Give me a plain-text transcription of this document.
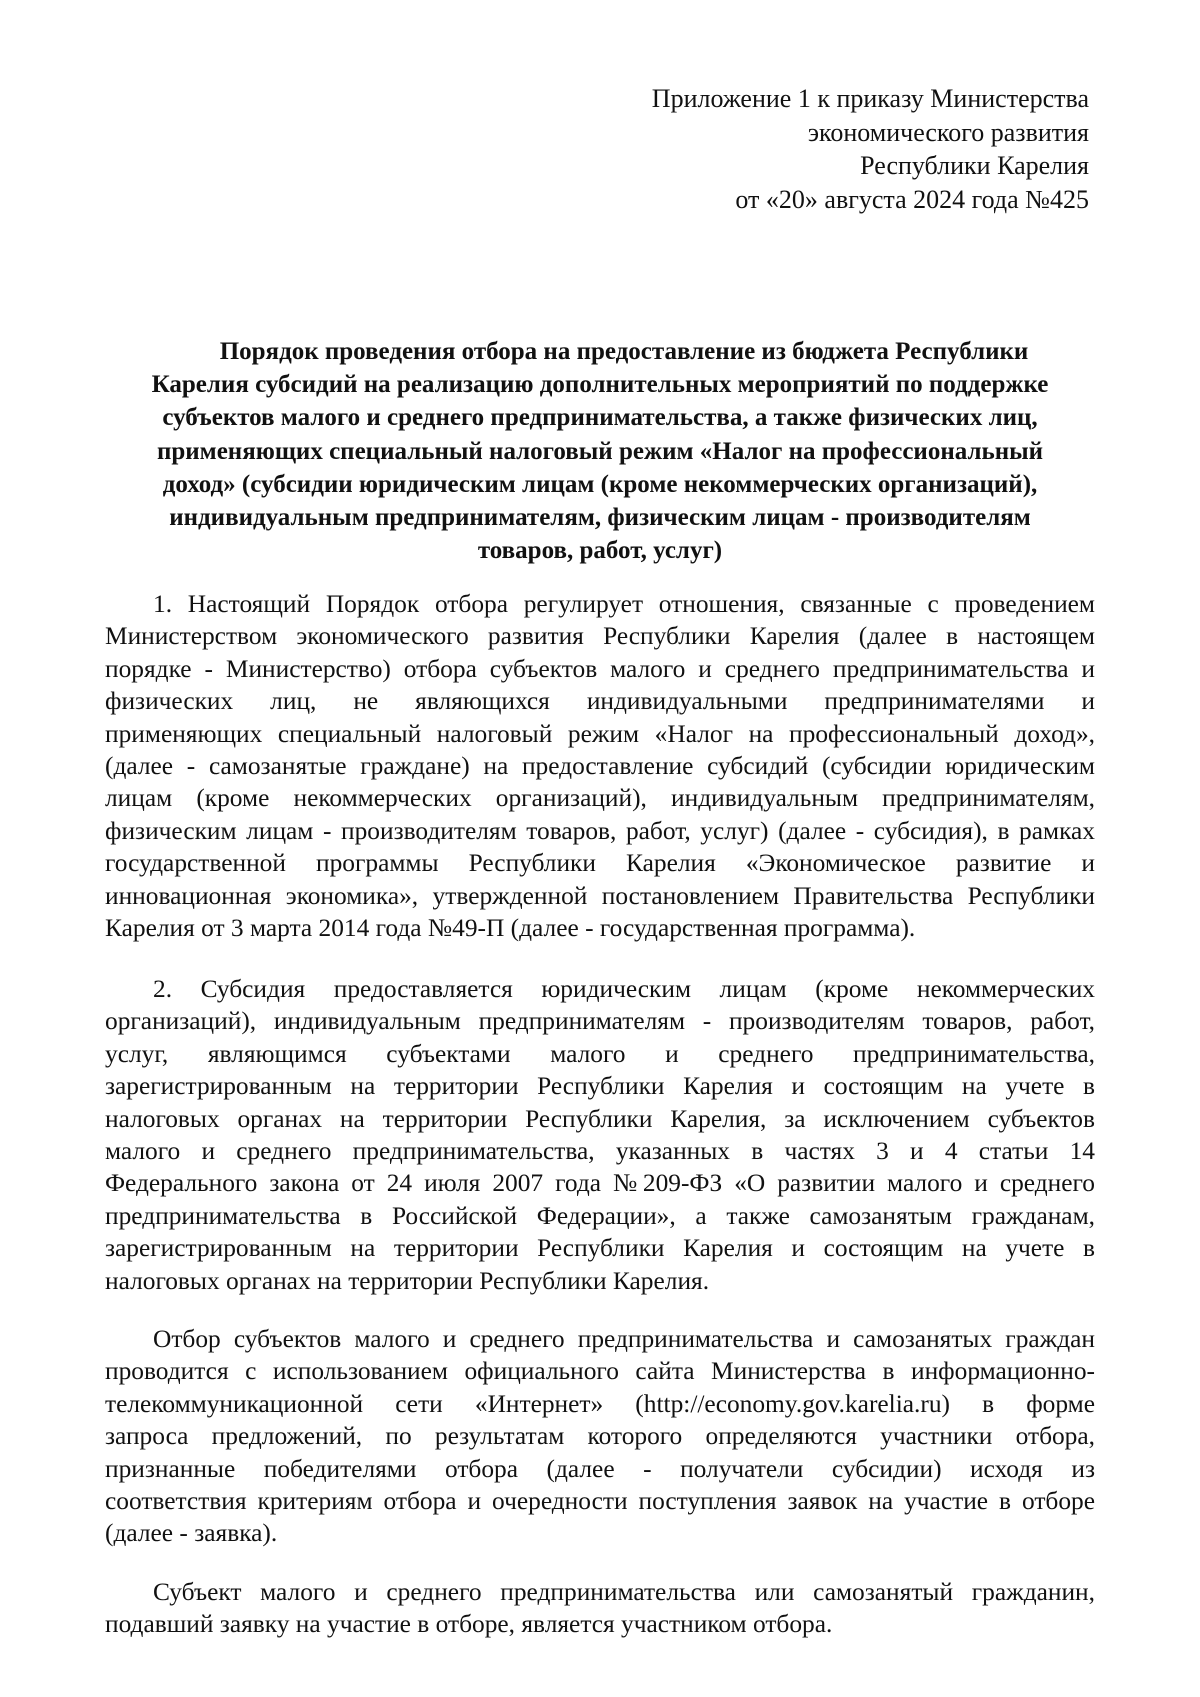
Приложение 1 к приказу Министерства
экономического развития
Республики Карелия
от «20» августа 2024 года №425
Порядок проведения отбора на предоставление из бюджета Республики
Карелия субсидий на реализацию дополнительных мероприятий по поддержке
субъектов малого и среднего предпринимательства, а также физических лиц,
применяющих специальный налоговый режим «Налог на профессиональный
доход» (субсидии юридическим лицам (кроме некоммерческих организаций),
индивидуальным предпринимателям, физическим лицам - производителям
товаров, работ, услуг)
1. Настоящий Порядок отбора регулирует отношения, связанные с проведением
Министерством экономического развития Республики Карелия (далее в настоящем
порядке - Министерство) отбора субъектов малого и среднего предпринимательства и
физических лиц, не являющихся индивидуальными предпринимателями и
применяющих специальный налоговый режим «Налог на профессиональный доход»,
(далее - самозанятые граждане) на предоставление субсидий (субсидии юридическим
лицам (кроме некоммерческих организаций), индивидуальным предпринимателям,
физическим лицам - производителям товаров, работ, услуг) (далее - субсидия), в рамках
государственной программы Республики Карелия «Экономическое развитие и
инновационная экономика», утвержденной постановлением Правительства Республики
Карелия от 3 марта 2014 года №49-П (далее - государственная программа).
2. Субсидия предоставляется юридическим лицам (кроме некоммерческих
организаций), индивидуальным предпринимателям - производителям товаров, работ,
услуг, являющимся субъектами малого и среднего предпринимательства,
зарегистрированным на территории Республики Карелия и состоящим на учете в
налоговых органах на территории Республики Карелия, за исключением субъектов
малого и среднего предпринимательства, указанных в частях 3 и 4 статьи 14
Федерального закона от 24 июля 2007 года №209-ФЗ «О развитии малого и среднего
предпринимательства в Российской Федерации», а также самозанятым гражданам,
зарегистрированным на территории Республики Карелия и состоящим на учете в
налоговых органах на территории Республики Карелия.
Отбор субъектов малого и среднего предпринимательства и самозанятых граждан
проводится с использованием официального сайта Министерства в информационно-
телекоммуникационной сети «Интернет» (http://economy.gov.karelia.ru) в форме
запроса предложений, по результатам которого определяются участники отбора,
признанные победителями отбора (далее - получатели субсидии) исходя из
соответствия критериям отбора и очередности поступления заявок на участие в отборе
(далее - заявка).
Субъект малого и среднего предпринимательства или самозанятый гражданин,
подавший заявку на участие в отборе, является участником отбора.
